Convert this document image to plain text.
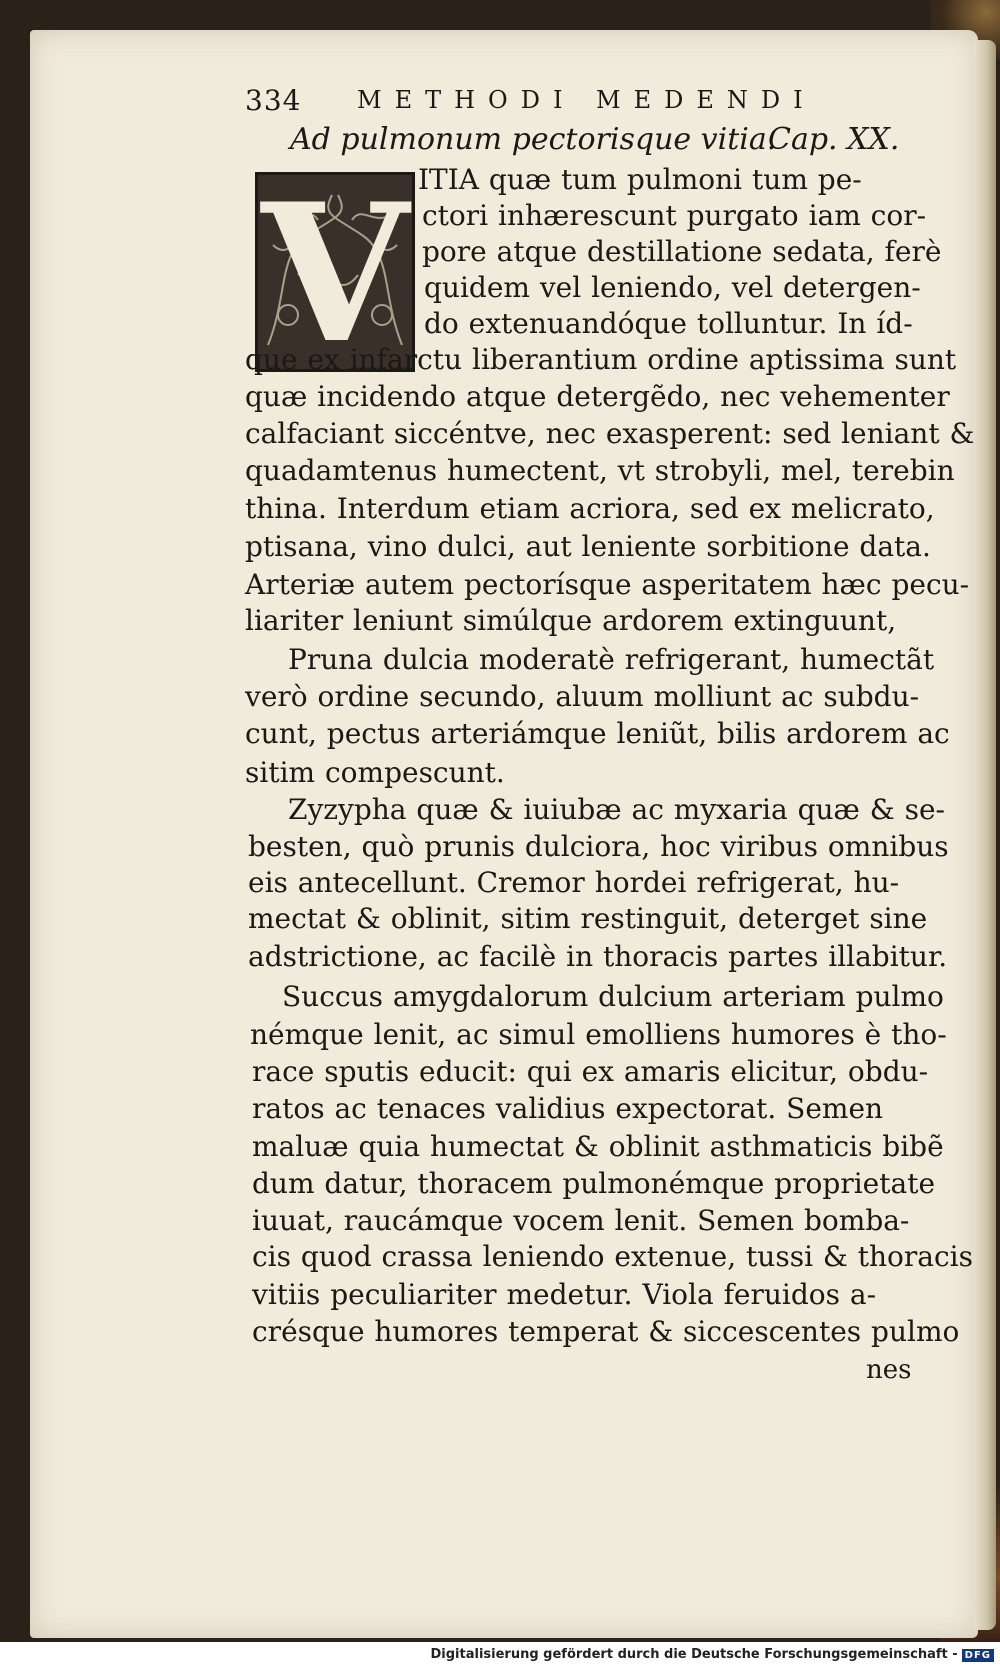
334 METHODI MEDENDI
Ad pulmonum pectorisque vitia.
Cap. XX.
V ITIA quæ tum pulmoni tum pe-
ctori inhærescunt purgato iam cor-
pore atque destillatione sedata, ferè
quidem vel leniendo, vel detergen-
do extenuandóque tolluntur. In íd-
que ex infarctu liberantium ordine aptissima sunt
quæ incidendo atque detergẽdo, nec vehementer
calfaciant siccéntve, nec exasperent: sed leniant &
quadamtenus humectent, vt strobyli, mel, terebin
thina. Interdum etiam acriora, sed ex melicrato,
ptisana, vino dulci, aut leniente sorbitione data.
Arteriæ autem pectorísque asperitatem hæc pecu-
liariter leniunt simúlque ardorem extinguunt,
Pruna dulcia moderatè refrigerant, humectãt
verò ordine secundo, aluum molliunt ac subdu-
cunt, pectus arteriámque leniũt, bilis ardorem ac
sitim compescunt.
Zyzypha quæ & iuiubæ ac myxaria quæ & se-
besten, quò prunis dulciora, hoc viribus omnibus
eis antecellunt. Cremor hordei refrigerat, hu-
mectat & oblinit, sitim restinguit, deterget sine
adstrictione, ac facilè in thoracis partes illabitur.
Succus amygdalorum dulcium arteriam pulmo
némque lenit, ac simul emolliens humores è tho-
race sputis educit: qui ex amaris elicitur, obdu-
ratos ac tenaces validius expectorat. Semen
maluæ quia humectat & oblinit asthmaticis bibẽ
dum datur, thoracem pulmonémque proprietate
iuuat, raucámque vocem lenit. Semen bomba-
cis quod crassa leniendo extenue, tussi & thoracis
vitiis peculiariter medetur. Viola feruidos a-
crésque humores temperat & siccescentes pulmo
nes
Digitalisierung gefördert durch die Deutsche Forschungsgemeinschaft - DFG
